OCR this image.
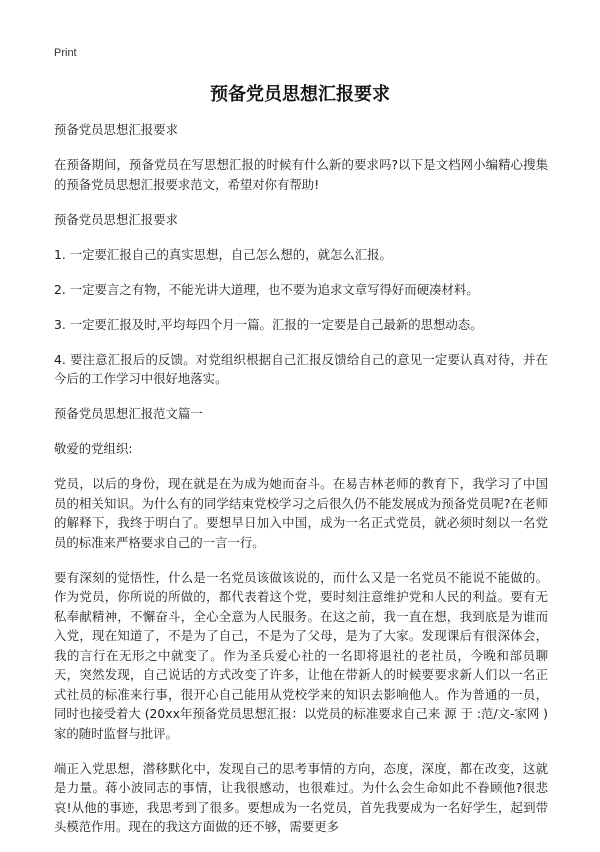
Print
预备党员思想汇报要求

预备党员思想汇报要求

在预备期间，预备党员在写思想汇报的时候有什么新的要求吗?以下是文档网小编精心搜集的预备党员思想汇报要求范文，希望对你有帮助!

预备党员思想汇报要求

1. 一定要汇报自己的真实思想，自己怎么想的，就怎么汇报。

2. 一定要言之有物，不能光讲大道理，也不要为追求文章写得好而硬凑材料。

3. 一定要汇报及时,平均每四个月一篇。汇报的一定要是自己最新的思想动态。

4. 要注意汇报后的反馈。对党组织根据自己汇报反馈给自己的意见一定要认真对待，并在今后的工作学习中很好地落实。

预备党员思想汇报范文篇一

敬爱的党组织:

党员，以后的身份，现在就是在为成为她而奋斗。在易吉林老师的教育下，我学习了中国员的相关知识。为什么有的同学结束党校学习之后很久仍不能发展成为预备党员呢?在老师的解释下，我终于明白了。要想早日加入中国，成为一名正式党员，就必须时刻以一名党员的标准来严格要求自己的一言一行。

要有深刻的觉悟性，什么是一名党员该做该说的，而什么又是一名党员不能说不能做的。作为党员，你所说的所做的，都代表着这个党，要时刻注意维护党和人民的利益。要有无私奉献精神，不懈奋斗，全心全意为人民服务。在这之前，我一直在想，我到底是为谁而入党，现在知道了，不是为了自己，不是为了父母，是为了大家。发现课后有很深体会，我的言行在无形之中就变了。作为圣兵爱心社的一名即将退社的老社员，今晚和部员聊天，突然发现，自己说话的方式改变了许多，让他在带新人的时候要要求新人们以一名正式社员的标准来行事，很开心自己能用从党校学来的知识去影响他人。作为普通的一员，同时也接受着大 (20xx年预备党员思想汇报：以党员的标准要求自己来 源 于 :范/文-家网 ) 家的随时监督与批评。

端正入党思想，潜移默化中，发现自己的思考事情的方向，态度，深度，都在改变，这就是力量。蒋小波同志的事情，让我很感动，也很难过。为什么会生命如此不眷顾他?很悲哀!从他的事迹，我思考到了很多。要想成为一名党员，首先我要成为一名好学生，起到带头模范作用。现在的我这方面做的还不够，需要更多
